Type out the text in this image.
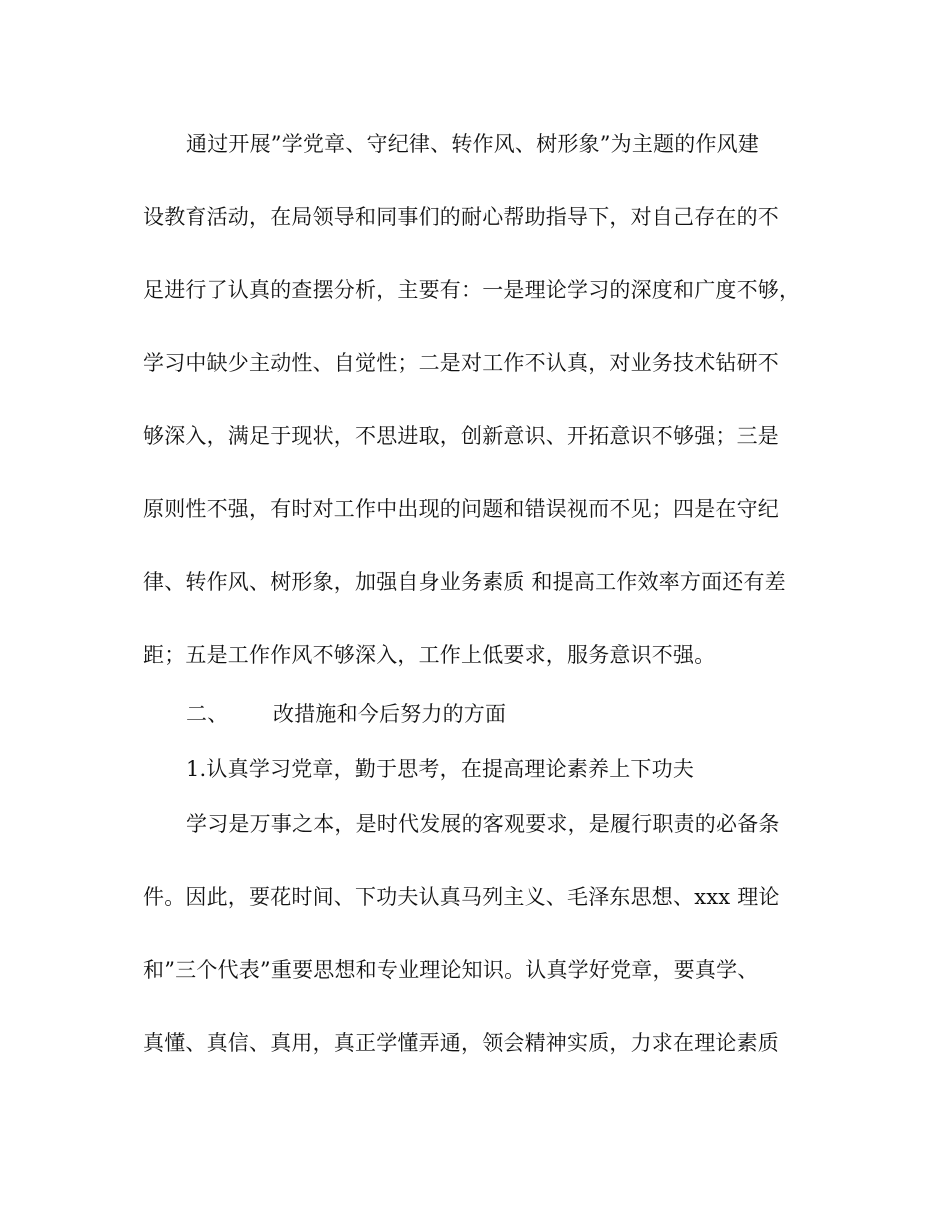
通过开展”学党章、守纪律、转作风、树形象”为主题的作风建
设教育活动，在局领导和同事们的耐心帮助指导下，对自己存在的不
足进行了认真的查摆分析，主要有：一是理论学习的深度和广度不够，
学习中缺少主动性、自觉性；二是对工作不认真，对业务技术钻研不
够深入，满足于现状，不思进取，创新意识、开拓意识不够强；三是
原则性不强，有时对工作中出现的问题和错误视而不见；四是在守纪
律、转作风、树形象，加强自身业务素质 和提高工作效率方面还有差
距；五是工作作风不够深入，工作上低要求，服务意识不强。
二、 改措施和今后努力的方面
1.认真学习党章，勤于思考，在提高理论素养上下功夫
学习是万事之本，是时代发展的客观要求，是履行职责的必备条
件。因此，要花时间、下功夫认真马列主义、毛泽东思想、xxx 理论
和”三个代表”重要思想和专业理论知识。认真学好党章，要真学、
真懂、真信、真用，真正学懂弄通，领会精神实质，力求在理论素质
